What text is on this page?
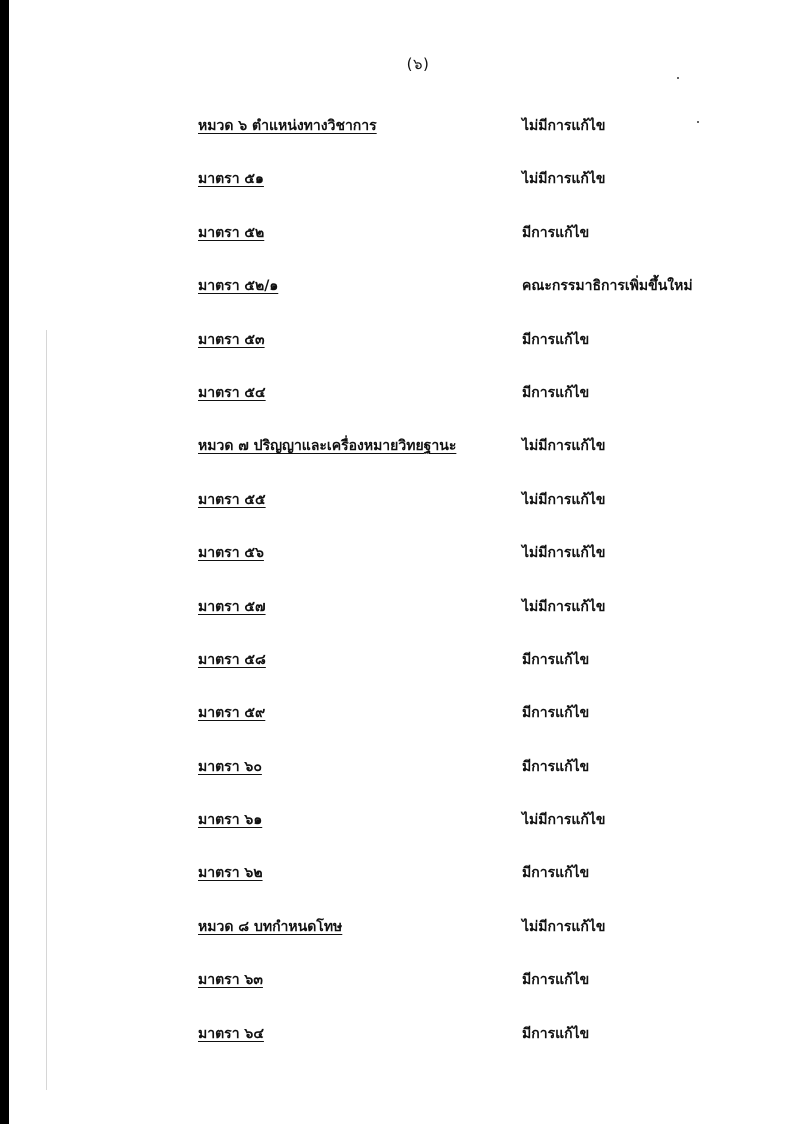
(๖)
หมวด ๖ ตำแหน่งทางวิชาการ	ไม่มีการแก้ไข
มาตรา ๕๑	ไม่มีการแก้ไข
มาตรา ๕๒	มีการแก้ไข
มาตรา ๕๒/๑	คณะกรรมาธิการเพิ่มขึ้นใหม่
มาตรา ๕๓	มีการแก้ไข
มาตรา ๕๔	มีการแก้ไข
หมวด ๗ ปริญญาและเครื่องหมายวิทยฐานะ	ไม่มีการแก้ไข
มาตรา ๕๕	ไม่มีการแก้ไข
มาตรา ๕๖	ไม่มีการแก้ไข
มาตรา ๕๗	ไม่มีการแก้ไข
มาตรา ๕๘	มีการแก้ไข
มาตรา ๕๙	มีการแก้ไข
มาตรา ๖๐	มีการแก้ไข
มาตรา ๖๑	ไม่มีการแก้ไข
มาตรา ๖๒	มีการแก้ไข
หมวด ๘ บทกำหนดโทษ	ไม่มีการแก้ไข
มาตรา ๖๓	มีการแก้ไข
มาตรา ๖๔	มีการแก้ไข
